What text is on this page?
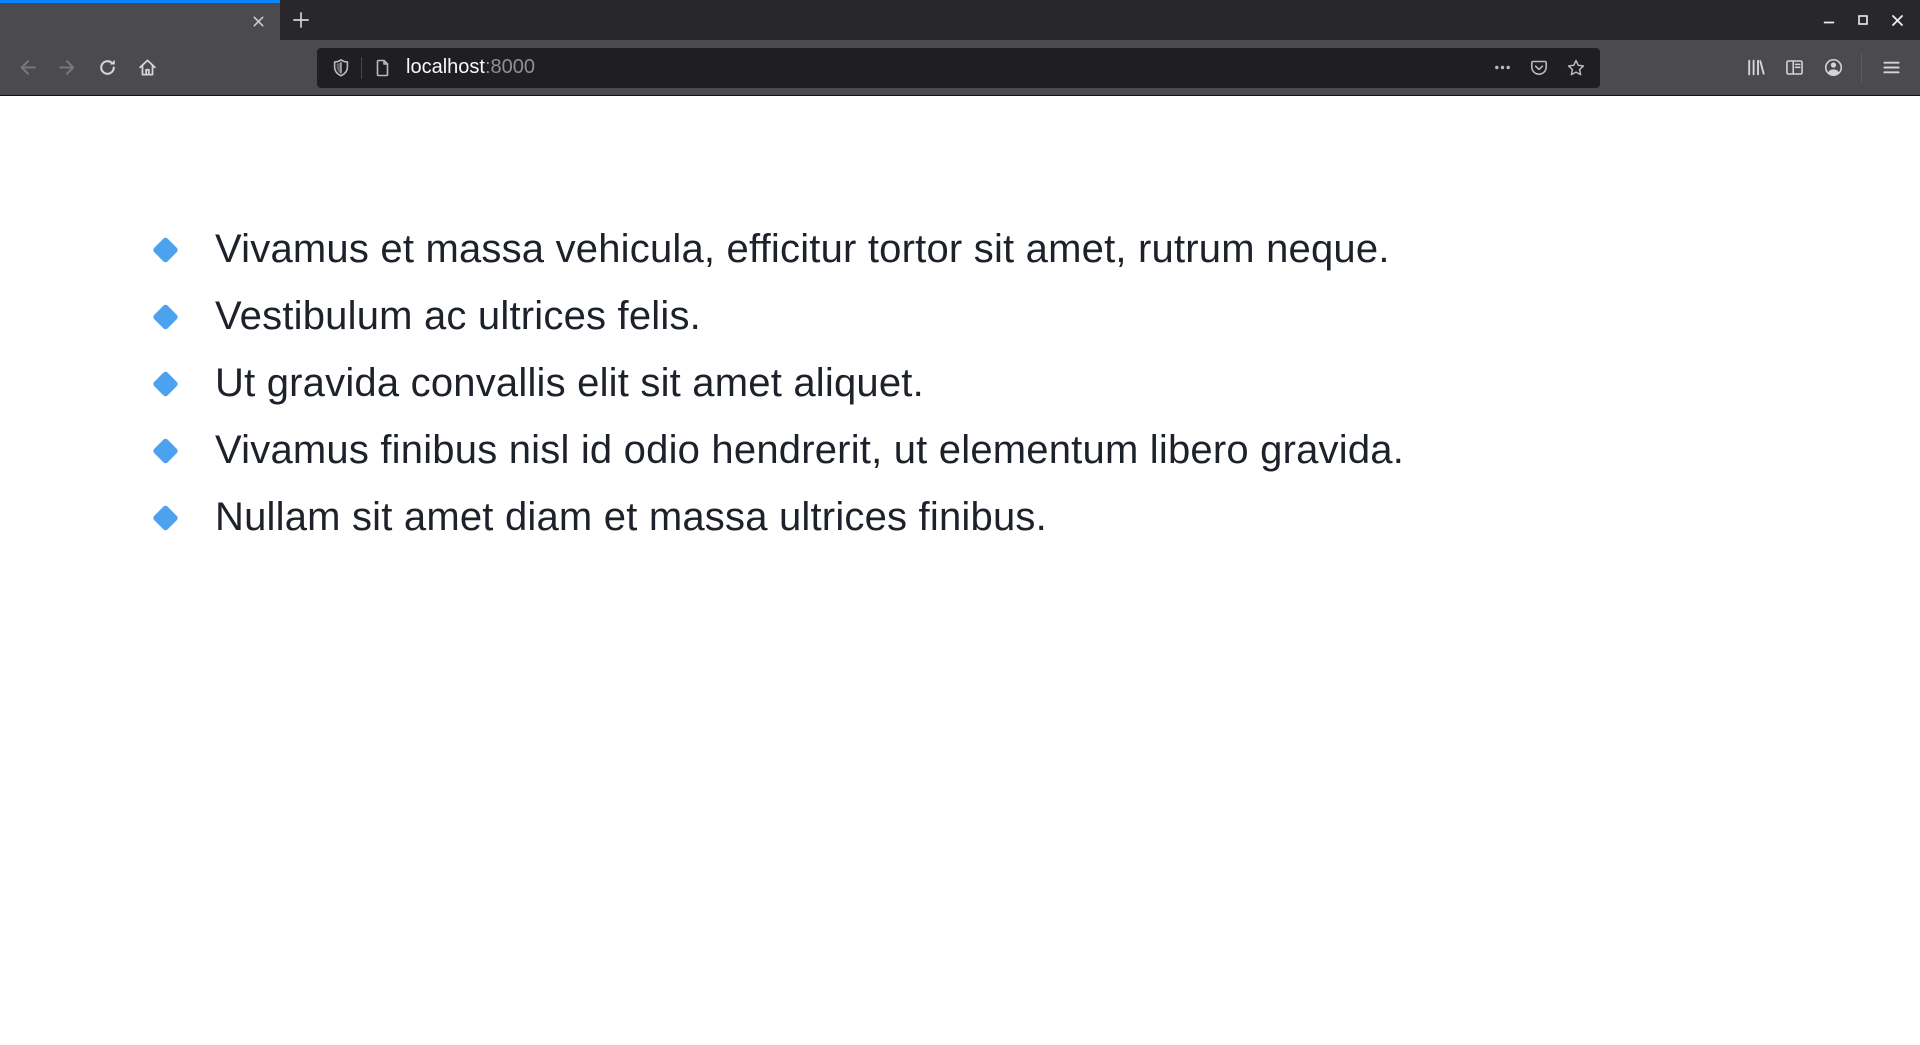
localhost:8000
Vivamus et massa vehicula, efficitur tortor sit amet, rutrum neque.
Vestibulum ac ultrices felis.
Ut gravida convallis elit sit amet aliquet.
Vivamus finibus nisl id odio hendrerit, ut elementum libero gravida.
Nullam sit amet diam et massa ultrices finibus.
